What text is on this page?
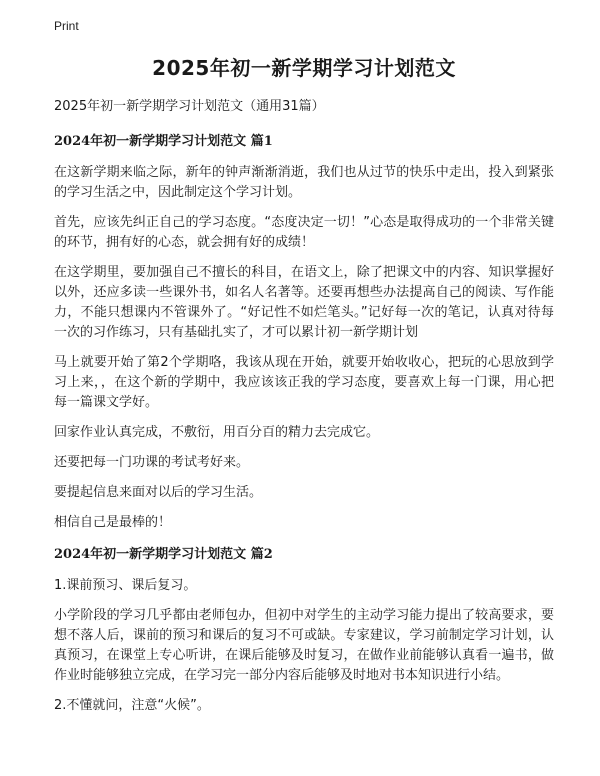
Print
2025年初一新学期学习计划范文
2025年初一新学期学习计划范文（通用31篇）
2024年初一新学期学习计划范文 篇1

在这新学期来临之际，新年的钟声渐渐消逝，我们也从过节的快乐中走出，投入到紧张的学习生活之中，因此制定这个学习计划。

首先，应该先纠正自己的学习态度。“态度决定一切！”心态是取得成功的一个非常关键的环节，拥有好的心态，就会拥有好的成绩！

在这学期里，要加强自己不擅长的科目，在语文上，除了把课文中的内容、知识掌握好以外，还应多读一些课外书，如名人名著等。还要再想些办法提高自己的阅读、写作能力，不能只想课内不管课外了。“好记性不如烂笔头。”记好每一次的笔记，认真对待每一次的习作练习，只有基础扎实了，才可以累计初一新学期计划

马上就要开始了第2个学期咯，我该从现在开始，就要开始收收心，把玩的心思放到学习上来，，在这个新的学期中，我应该该正我的学习态度，要喜欢上每一门课，用心把每一篇课文学好。

回家作业认真完成，不敷衍，用百分百的精力去完成它。

还要把每一门功课的考试考好来。

要提起信息来面对以后的学习生活。

相信自己是最棒的！

2024年初一新学期学习计划范文 篇2

1.课前预习、课后复习。

小学阶段的学习几乎都由老师包办，但初中对学生的主动学习能力提出了较高要求，要想不落人后，课前的预习和课后的复习不可或缺。专家建议，学习前制定学习计划，认真预习，在课堂上专心听讲，在课后能够及时复习，在做作业前能够认真看一遍书，做作业时能够独立完成，在学习完一部分内容后能够及时地对书本知识进行小结。

2.不懂就问，注意“火候”。
